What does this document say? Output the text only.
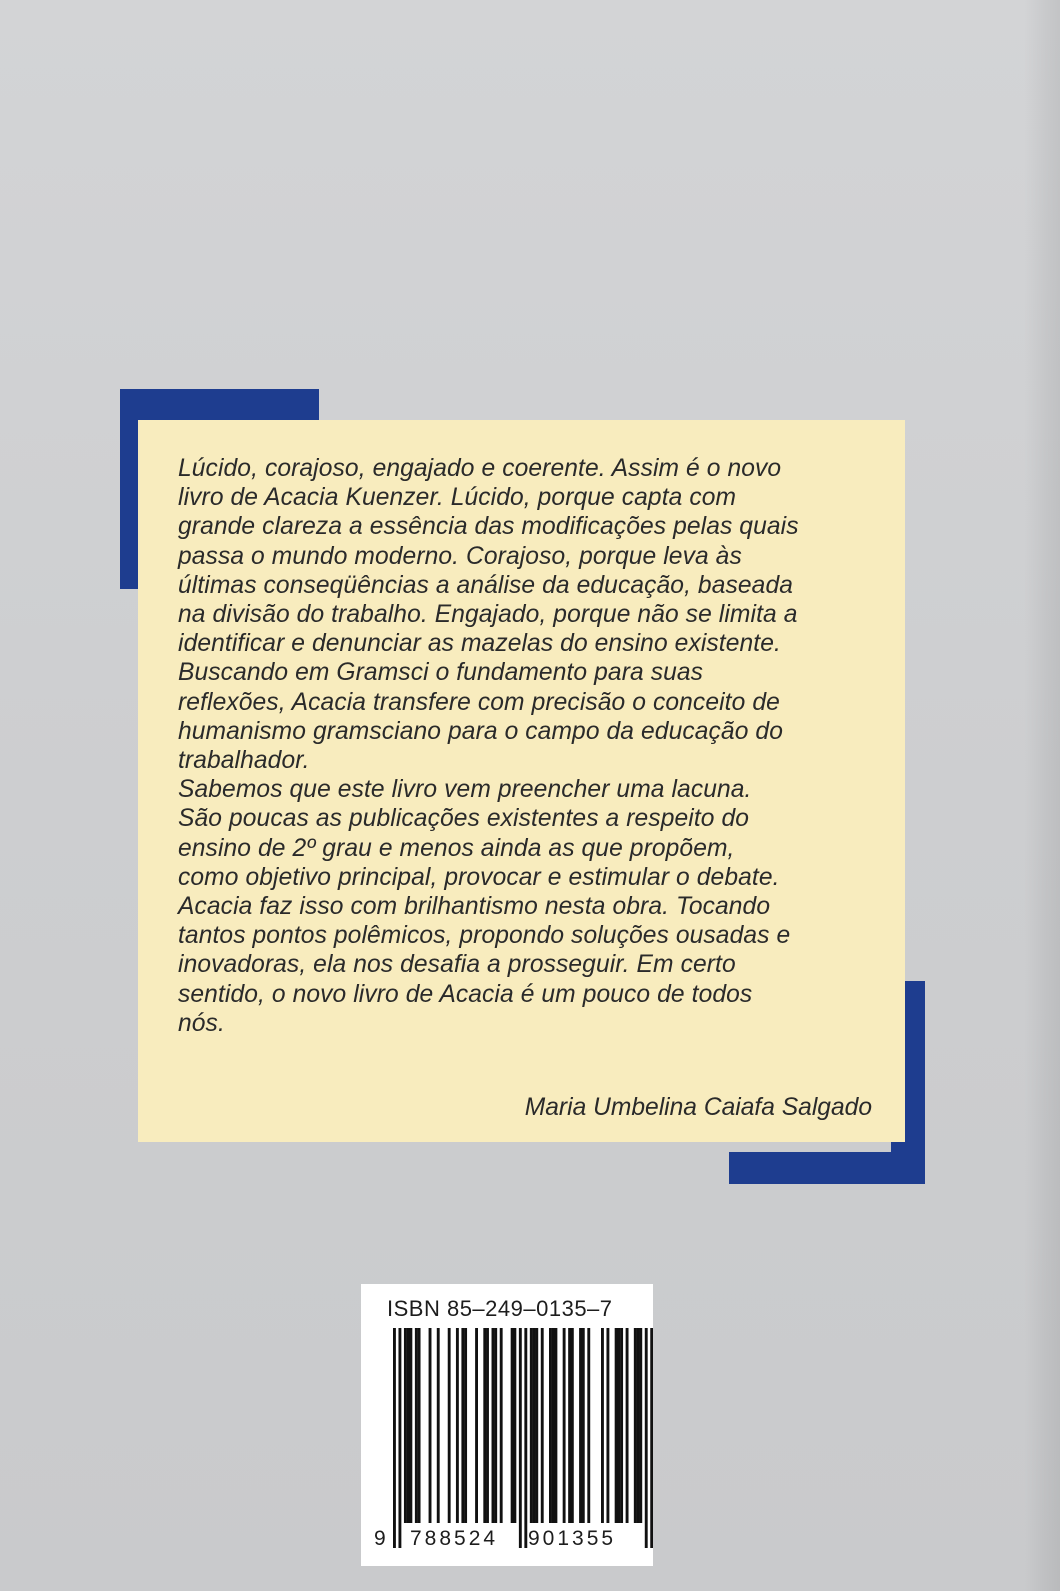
Lúcido, corajoso, engajado e coerente. Assim é o novo
livro de Acacia Kuenzer. Lúcido, porque capta com
grande clareza a essência das modificações pelas quais
passa o mundo moderno. Corajoso, porque leva às
últimas conseqüências a análise da educação, baseada
na divisão do trabalho. Engajado, porque não se limita a
identificar e denunciar as mazelas do ensino existente.
Buscando em Gramsci o fundamento para suas
reflexões, Acacia transfere com precisão o conceito de
humanismo gramsciano para o campo da educação do
trabalhador.
Sabemos que este livro vem preencher uma lacuna.
São poucas as publicações existentes a respeito do
ensino de 2º grau e menos ainda as que propõem,
como objetivo principal, provocar e estimular o debate.
Acacia faz isso com brilhantismo nesta obra. Tocando
tantos pontos polêmicos, propondo soluções ousadas e
inovadoras, ela nos desafia a prosseguir. Em certo
sentido, o novo livro de Acacia é um pouco de todos
nós.

Maria Umbelina Caiafa Salgado
ISBN 85–249–0135–7
9 788524 901355
